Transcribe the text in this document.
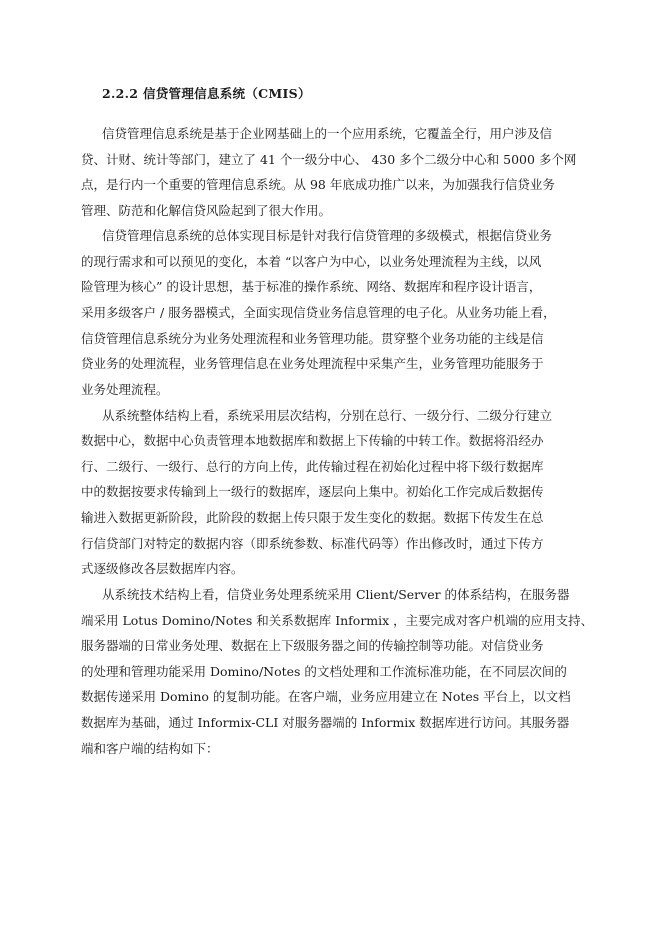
2.2.2 信贷管理信息系统（CMIS）
信贷管理信息系统是基于企业网基础上的一个应用系统，它覆盖全行，用户涉及信
贷、计财、统计等部门，建立了 41 个一级分中心、 430 多个二级分中心和 5000 多个网
点，是行内一个重要的管理信息系统。从 98 年底成功推广以来，为加强我行信贷业务
管理、防范和化解信贷风险起到了很大作用。
信贷管理信息系统的总体实现目标是针对我行信贷管理的多级模式，根据信贷业务
的现行需求和可以预见的变化，本着 “以客户为中心，以业务处理流程为主线，以风
险管理为核心” 的设计思想，基于标准的操作系统、网络、数据库和程序设计语言，
采用多级客户 / 服务器模式，全面实现信贷业务信息管理的电子化。从业务功能上看，
信贷管理信息系统分为业务处理流程和业务管理功能。贯穿整个业务功能的主线是信
贷业务的处理流程，业务管理信息在业务处理流程中采集产生，业务管理功能服务于
业务处理流程。
从系统整体结构上看，系统采用层次结构，分别在总行、一级分行、二级分行建立
数据中心，数据中心负责管理本地数据库和数据上下传输的中转工作。数据将沿经办
行、二级行、一级行、总行的方向上传，此传输过程在初始化过程中将下级行数据库
中的数据按要求传输到上一级行的数据库，逐层向上集中。初始化工作完成后数据传
输进入数据更新阶段，此阶段的数据上传只限于发生变化的数据。数据下传发生在总
行信贷部门对特定的数据内容（即系统参数、标准代码等）作出修改时，通过下传方
式逐级修改各层数据库内容。
从系统技术结构上看，信贷业务处理系统采用 Client/Server 的体系结构，在服务器
端采用 Lotus Domino/Notes 和关系数据库 Informix ，主要完成对客户机端的应用支持、
服务器端的日常业务处理、数据在上下级服务器之间的传输控制等功能。对信贷业务
的处理和管理功能采用 Domino/Notes 的文档处理和工作流标准功能，在不同层次间的
数据传递采用 Domino 的复制功能。在客户端，业务应用建立在 Notes 平台上，以文档
数据库为基础，通过 Informix-CLI 对服务器端的 Informix 数据库进行访问。其服务器
端和客户端的结构如下：
